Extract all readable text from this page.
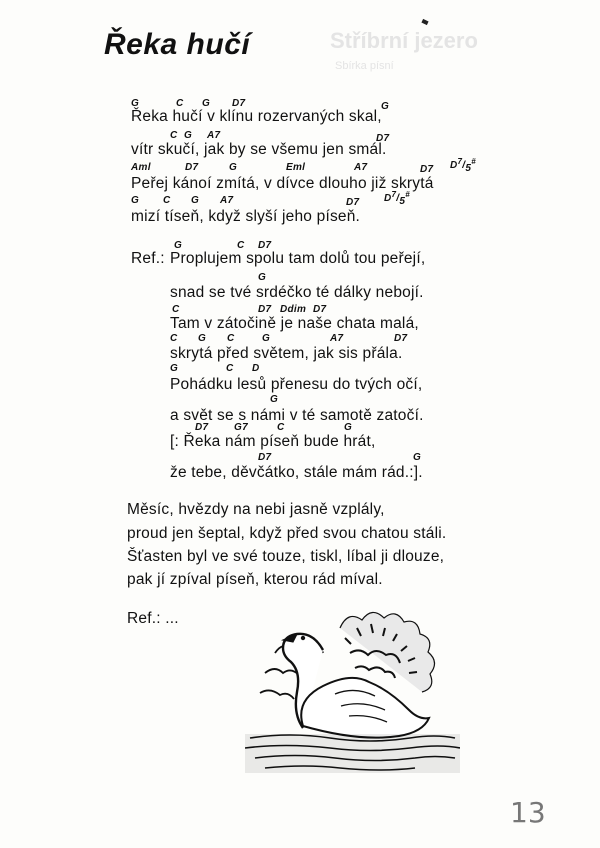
Stříbrní jezero
Sbírka písní
Řeka hučí
G	C G D7	G
Řeka hučí v klínu rozervaných skal,
C G A7	D7
vítr skučí, jak by se všemu jen smál.
Aml	D7	G	Eml	A7	D7 $D^7/5^{\#}$
Peřej kánoí zmítá, v dívce dlouho již skrytá
G C G A7	D7 $D^7/5^{\#}$
mizí tíseň, když slyší jeho píseň.
G	C D7
Ref.: Proplujem spolu tam dolů tou peřejí,
G
snad se tvé srdéčko té dálky nebojí.
C	D7 Ddim D7
Tam v zátočině je naše chata malá,
C G C	G	A7	D7
skrytá před světem, jak sis přála.
G	C D
Pohádku lesů přenesu do tvých očí,
G
a svět se s námi v té samotě zatočí.
D7	G7	C	G
[: Řeka nám píseň bude hrát,
D7	G
že tebe, děvčátko, stále mám rád.:].
Měsíc, hvězdy na nebi jasně vzplály,
proud jen šeptal, když před svou chatou stáli.
Šťasten byl ve své touze, tiskl, líbal ji dlouze,
pak jí zpíval píseň, kterou rád míval.
Ref.: ...
13
